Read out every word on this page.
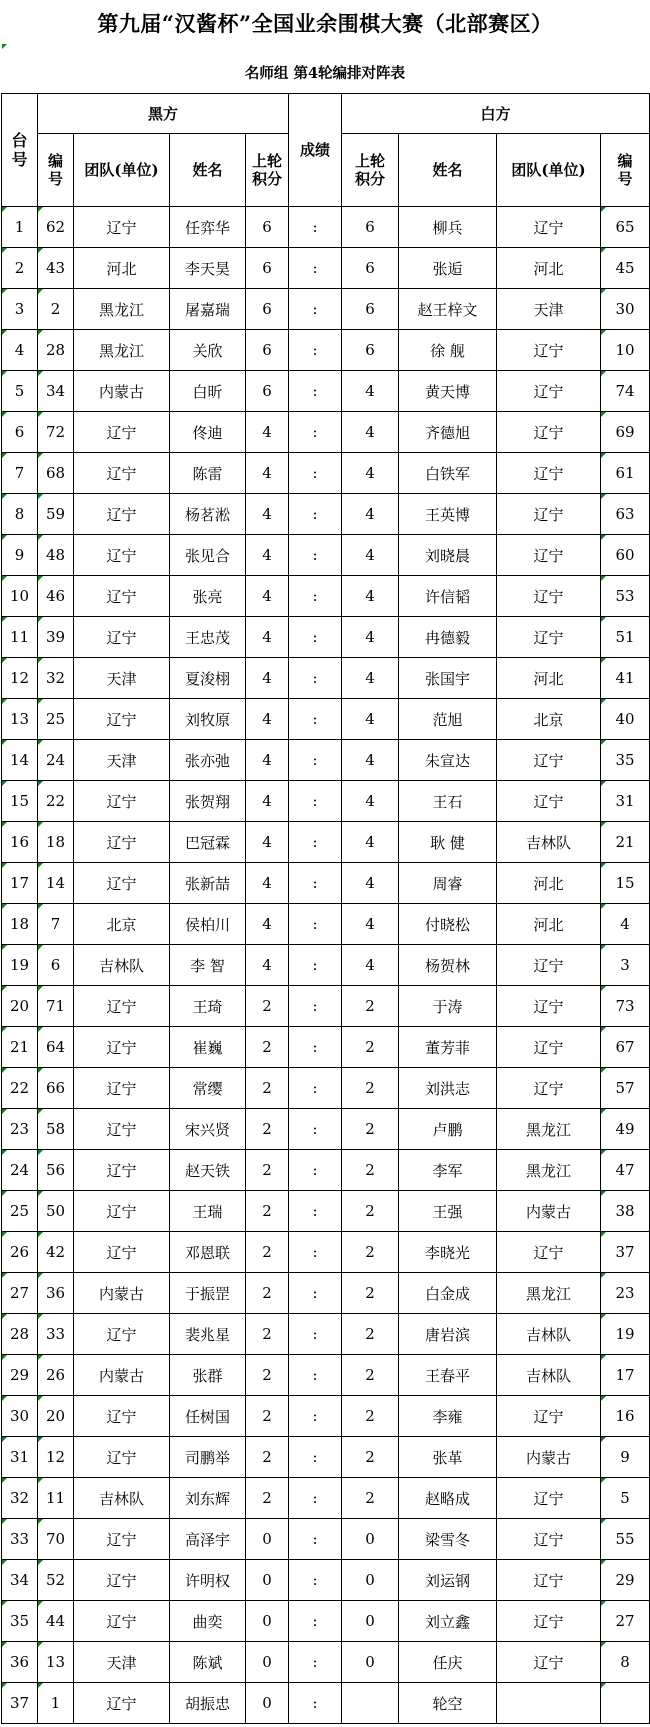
第九届“汉酱杯”全国业余围棋大赛（北部赛区）
名师组 第4轮编排对阵表
台号	黑方				成绩	白方			
	编号	团队(单位)	姓名	上轮积分		上轮积分	姓名	团队(单位)	编号

1	62	辽宁	任弈华	6	:	6	柳兵	辽宁	65

2	43	河北	李天昊	6	:	6	张逅	河北	45

3	2	黑龙江	屠嘉瑞	6	:	6	赵王梓文	天津	30

4	28	黑龙江	关欣	6	:	6	徐 舰	辽宁	10

5	34	内蒙古	白昕	6	:	4	黄天博	辽宁	74

6	72	辽宁	佟迪	4	:	4	齐德旭	辽宁	69

7	68	辽宁	陈雷	4	:	4	白铁军	辽宁	61

8	59	辽宁	杨茗淞	4	:	4	王英博	辽宁	63

9	48	辽宁	张见合	4	:	4	刘晓晨	辽宁	60

10	46	辽宁	张亮	4	:	4	许信韬	辽宁	53

11	39	辽宁	王忠茂	4	:	4	冉德毅	辽宁	51

12	32	天津	夏浚栩	4	:	4	张国宇	河北	41

13	25	辽宁	刘牧原	4	:	4	范旭	北京	40

14	24	天津	张亦弛	4	:	4	朱宣达	辽宁	35

15	22	辽宁	张贺翔	4	:	4	王石	辽宁	31

16	18	辽宁	巴冠霖	4	:	4	耿 健	吉林队	21

17	14	辽宁	张新喆	4	:	4	周睿	河北	15

18	7	北京	侯柏川	4	:	4	付晓松	河北	4

19	6	吉林队	李 智	4	:	4	杨贺林	辽宁	3

20	71	辽宁	王琦	2	:	2	于涛	辽宁	73

21	64	辽宁	崔巍	2	:	2	董芳菲	辽宁	67

22	66	辽宁	常缨	2	:	2	刘洪志	辽宁	57

23	58	辽宁	宋兴贤	2	:	2	卢鹏	黑龙江	49

24	56	辽宁	赵天铁	2	:	2	李军	黑龙江	47

25	50	辽宁	王瑞	2	:	2	王强	内蒙古	38

26	42	辽宁	邓恩联	2	:	2	李晓光	辽宁	37

27	36	内蒙古	于振罡	2	:	2	白金成	黑龙江	23

28	33	辽宁	裴兆星	2	:	2	唐岩滨	吉林队	19

29	26	内蒙古	张群	2	:	2	王春平	吉林队	17

30	20	辽宁	任树国	2	:	2	李雍	辽宁	16

31	12	辽宁	司鹏举	2	:	2	张革	内蒙古	9

32	11	吉林队	刘东辉	2	:	2	赵略成	辽宁	5

33	70	辽宁	高泽宇	0	:	0	梁雪冬	辽宁	55

34	52	辽宁	许明权	0	:	0	刘运钢	辽宁	29

35	44	辽宁	曲奕	0	:	0	刘立鑫	辽宁	27

36	13	天津	陈斌	0	:	0	任庆	辽宁	8

37	1	辽宁	胡振忠	0	:		轮空		
